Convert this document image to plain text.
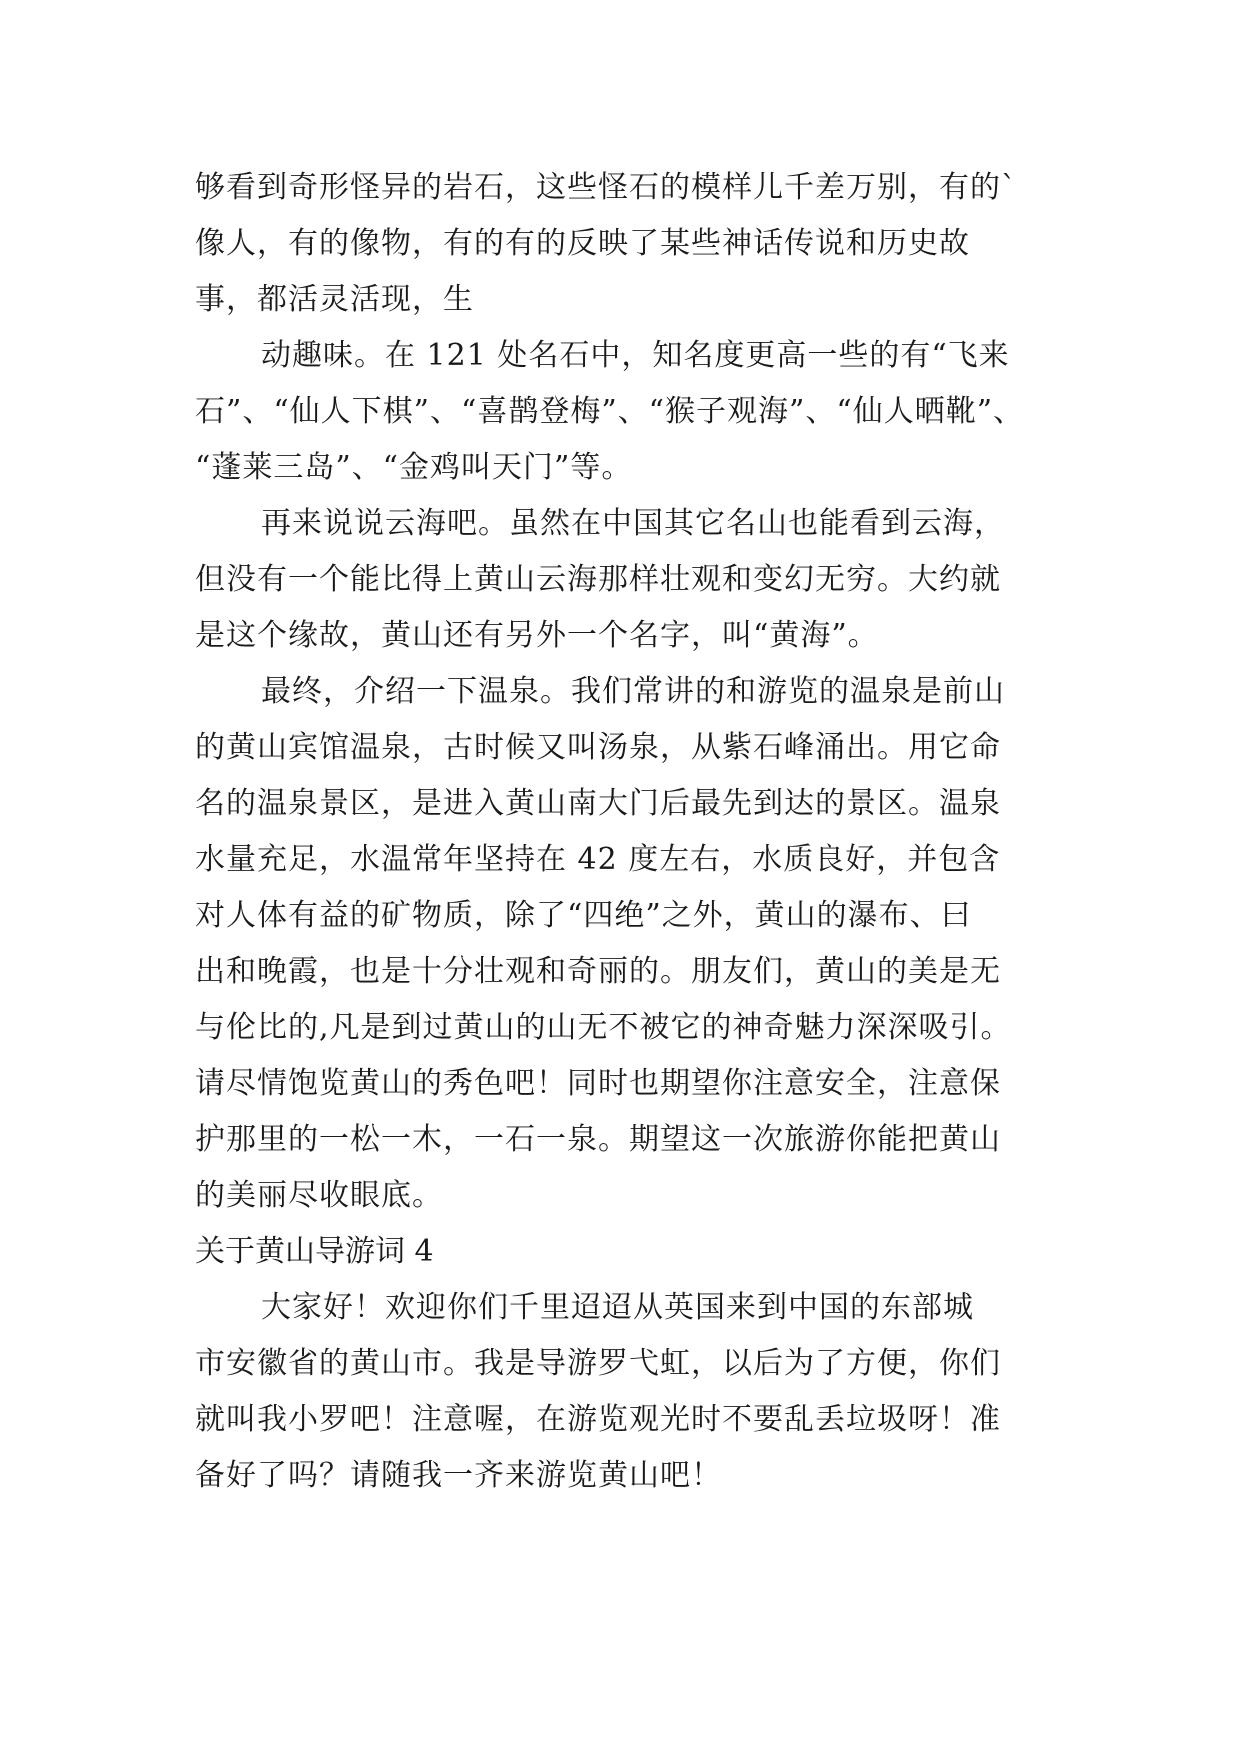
够看到奇形怪异的岩石，这些怪石的模样儿千差万别，有的`
像人，有的像物，有的有的反映了某些神话传说和历史故
事，都活灵活现，生
动趣味。在 121 处名石中，知名度更高一些的有“飞来
石”、“仙人下棋”、“喜鹊登梅”、“猴子观海”、“仙人晒靴”、
“蓬莱三岛”、“金鸡叫天门”等。
再来说说云海吧。虽然在中国其它名山也能看到云海，
但没有一个能比得上黄山云海那样壮观和变幻无穷。大约就
是这个缘故，黄山还有另外一个名字，叫“黄海”。
最终，介绍一下温泉。我们常讲的和游览的温泉是前山
的黄山宾馆温泉，古时候又叫汤泉，从紫石峰涌出。用它命
名的温泉景区，是进入黄山南大门后最先到达的景区。温泉
水量充足，水温常年坚持在 42 度左右，水质良好，并包含
对人体有益的矿物质，除了“四绝”之外，黄山的瀑布、曰
出和晚霞，也是十分壮观和奇丽的。朋友们，黄山的美是无
与伦比的,凡是到过黄山的山无不被它的神奇魅力深深吸引。
请尽情饱览黄山的秀色吧！同时也期望你注意安全，注意保
护那里的一松一木，一石一泉。期望这一次旅游你能把黄山
的美丽尽收眼底。
关于黄山导游词 4
大家好！欢迎你们千里迢迢从英国来到中国的东部城
市安徽省的黄山市。我是导游罗弋虹，以后为了方便，你们
就叫我小罗吧！注意喔，在游览观光时不要乱丢垃圾呀！准
备好了吗？请随我一齐来游览黄山吧！
